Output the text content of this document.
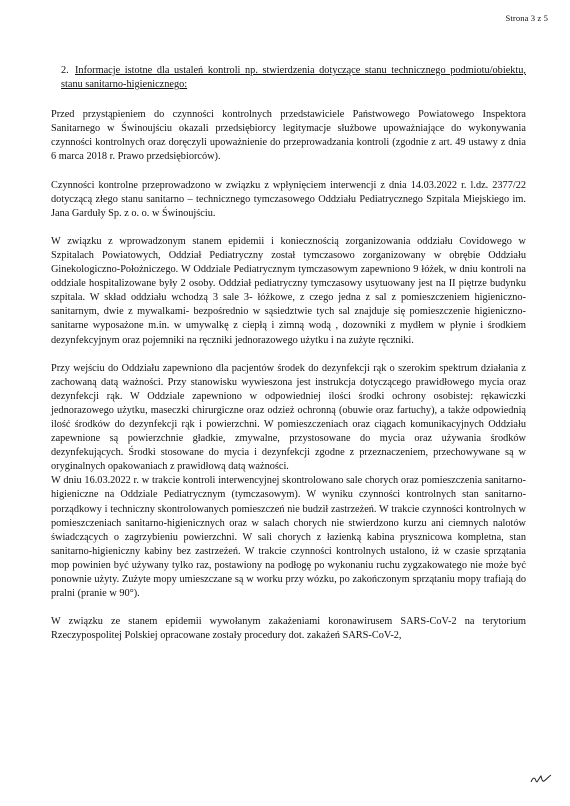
Strona 3 z 5
2. Informacje istotne dla ustaleń kontroli np. stwierdzenia dotyczące stanu technicznego podmiotu/obiektu, stanu sanitarno-higienicznego:

Przed przystąpieniem do czynności kontrolnych przedstawiciele Państwowego Powiatowego Inspektora Sanitarnego w Świnoujściu okazali przedsiębiorcy legitymacje służbowe upoważniające do wykonywania czynności kontrolnych oraz doręczyli upoważnienie do przeprowadzania kontroli (zgodnie z art. 49 ustawy z dnia 6 marca 2018 r. Prawo przedsiębiorców).

Czynności kontrolne przeprowadzono w związku z wpłynięciem interwencji z dnia 14.03.2022 r. l.dz. 2377/22 dotyczącą złego stanu sanitarno – technicznego tymczasowego Oddziału Pediatrycznego Szpitala Miejskiego im. Jana Garduły Sp. z o. o. w Świnoujściu.

W związku z wprowadzonym stanem epidemii i koniecznością zorganizowania oddziału Covidowego w Szpitalach Powiatowych, Oddział Pediatryczny został tymczasowo zorganizowany w obrębie Oddziału Ginekologiczno-Położniczego. W Oddziale Pediatrycznym tymczasowym zapewniono 9 łóżek, w dniu kontroli na oddziale hospitalizowane były 2 osoby. Oddział pediatryczny tymczasowy usytuowany jest na II piętrze budynku szpitala. W skład oddziału wchodzą 3 sale 3- łóżkowe, z czego jedna z sal z pomieszczeniem higieniczno- sanitarnym, dwie z mywalkami- bezpośrednio w sąsiedztwie tych sal znajduje się pomieszczenie higieniczno-sanitarne wyposażone m.in. w umywalkę z ciepłą i zimną wodą , dozowniki z mydłem w płynie i środkiem dezynfekcyjnym oraz pojemniki na ręczniki jednorazowego użytku i na zużyte ręczniki.

Przy wejściu do Oddziału zapewniono dla pacjentów środek do dezynfekcji rąk o szerokim spektrum działania z zachowaną datą ważności. Przy stanowisku wywieszona jest instrukcja dotyczącego prawidłowego mycia oraz dezynfekcji rąk. W Oddziale zapewniono w odpowiedniej ilości środki ochrony osobistej: rękawiczki jednorazowego użytku, maseczki chirurgiczne oraz odzież ochronną (obuwie oraz fartuchy), a także odpowiednią ilość środków do dezynfekcji rąk i powierzchni. W pomieszczeniach oraz ciągach komunikacyjnych Oddziału zapewnione są powierzchnie gładkie, zmywalne, przystosowane do mycia oraz używania środków dezynfekujących. Środki stosowane do mycia i dezynfekcji zgodne z przeznaczeniem, przechowywane są w oryginalnych opakowaniach z prawidłową datą ważności.

W dniu 16.03.2022 r. w trakcie kontroli interwencyjnej skontrolowano sale chorych oraz pomieszczenia sanitarno-higieniczne na Oddziale Pediatrycznym (tymczasowym). W wyniku czynności kontrolnych stan sanitarno- porządkowy i techniczny skontrolowanych pomieszczeń nie budził zastrzeżeń. W trakcie czynności kontrolnych w pomieszczeniach sanitarno-higienicznych oraz w salach chorych nie stwierdzono kurzu ani ciemnych nalotów świadczących o zagrzybieniu powierzchni. W sali chorych z łazienką kabina prysznicowa kompletna, stan sanitarno-higieniczny kabiny bez zastrzeżeń. W trakcie czynności kontrolnych ustalono, iż w czasie sprzątania mop powinien być używany tylko raz, postawiony na podłogę po wykonaniu ruchu zygzakowatego nie może być ponownie użyty. Zużyte mopy umieszczane są w worku przy wózku, po zakończonym sprzątaniu mopy trafiają do pralni (pranie w 90°).

W związku ze stanem epidemii wywołanym zakażeniami koronawirusem SARS-CoV-2 na terytorium Rzeczypospolitej Polskiej opracowane zostały procedury dot. zakażeń SARS-CoV-2,
